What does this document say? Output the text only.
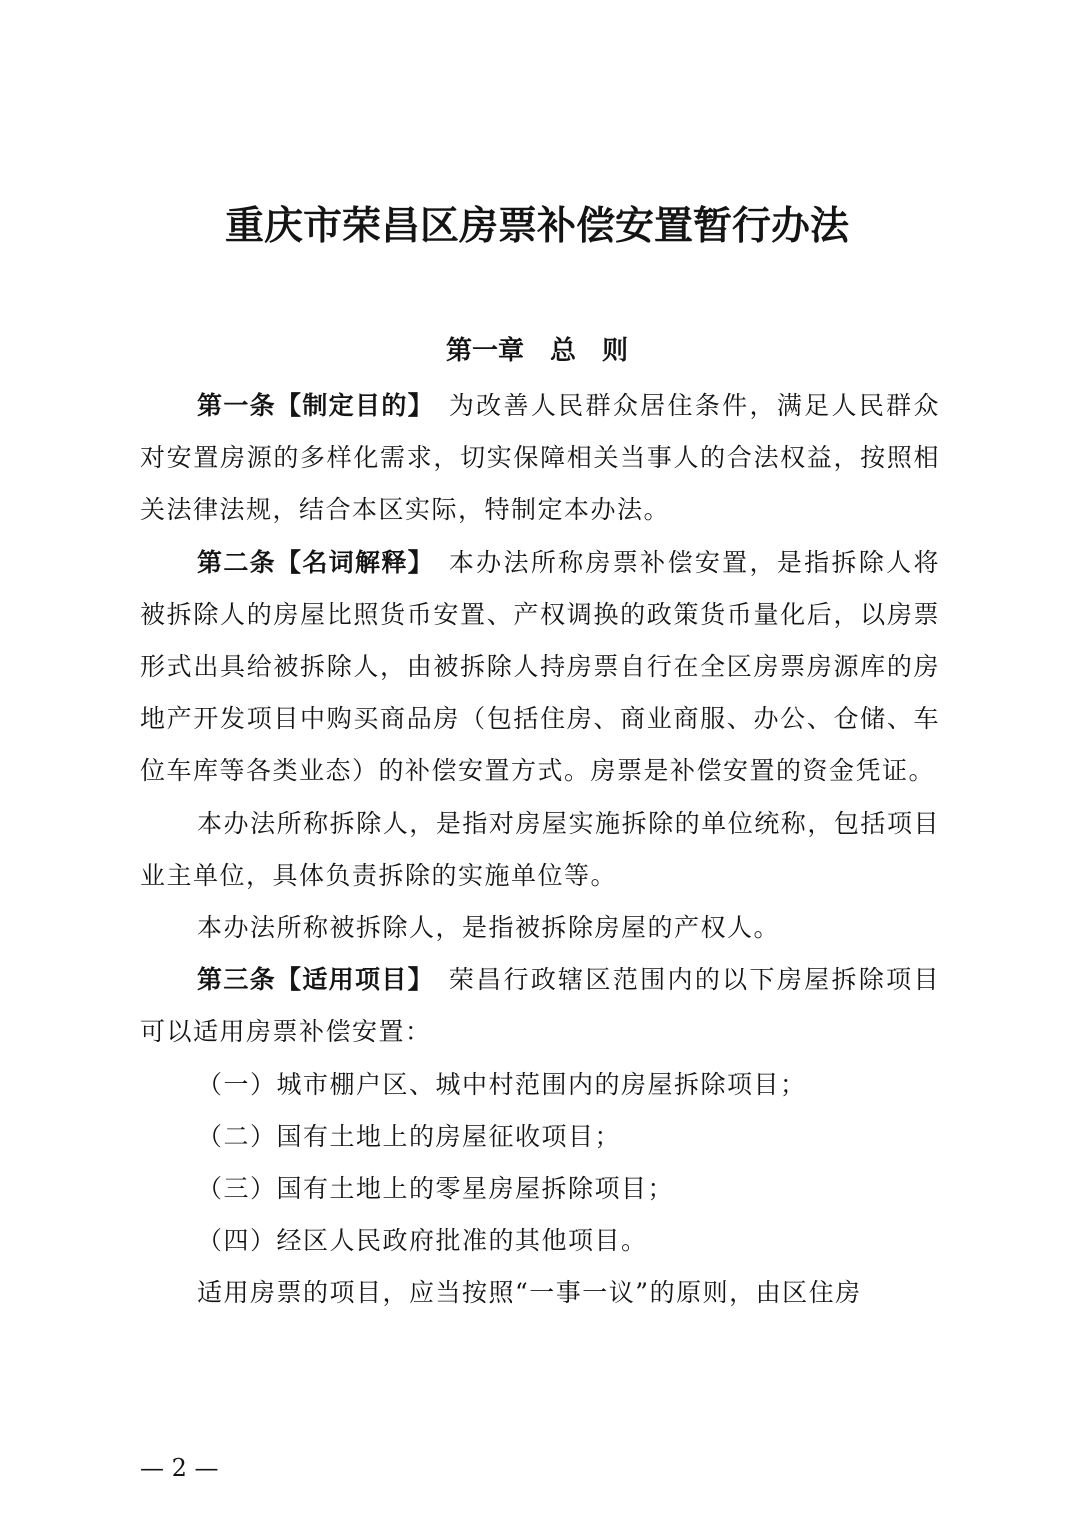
重庆市荣昌区房票补偿安置暂行办法
第一章　总　则

第一条【制定目的】　为改善人民群众居住条件，满足人民群众对安置房源的多样化需求，切实保障相关当事人的合法权益，按照相关法律法规，结合本区实际，特制定本办法。

第二条【名词解释】　本办法所称房票补偿安置，是指拆除人将被拆除人的房屋比照货币安置、产权调换的政策货币量化后，以房票形式出具给被拆除人，由被拆除人持房票自行在全区房票房源库的房地产开发项目中购买商品房（包括住房、商业商服、办公、仓储、车位车库等各类业态）的补偿安置方式。房票是补偿安置的资金凭证。

本办法所称拆除人，是指对房屋实施拆除的单位统称，包括项目业主单位，具体负责拆除的实施单位等。

本办法所称被拆除人，是指被拆除房屋的产权人。

第三条【适用项目】　荣昌行政辖区范围内的以下房屋拆除项目可以适用房票补偿安置：

（一）城市棚户区、城中村范围内的房屋拆除项目；

（二）国有土地上的房屋征收项目；

（三）国有土地上的零星房屋拆除项目；

（四）经区人民政府批准的其他项目。

适用房票的项目，应当按照“一事一议”的原则，由区住房

— 2 —
